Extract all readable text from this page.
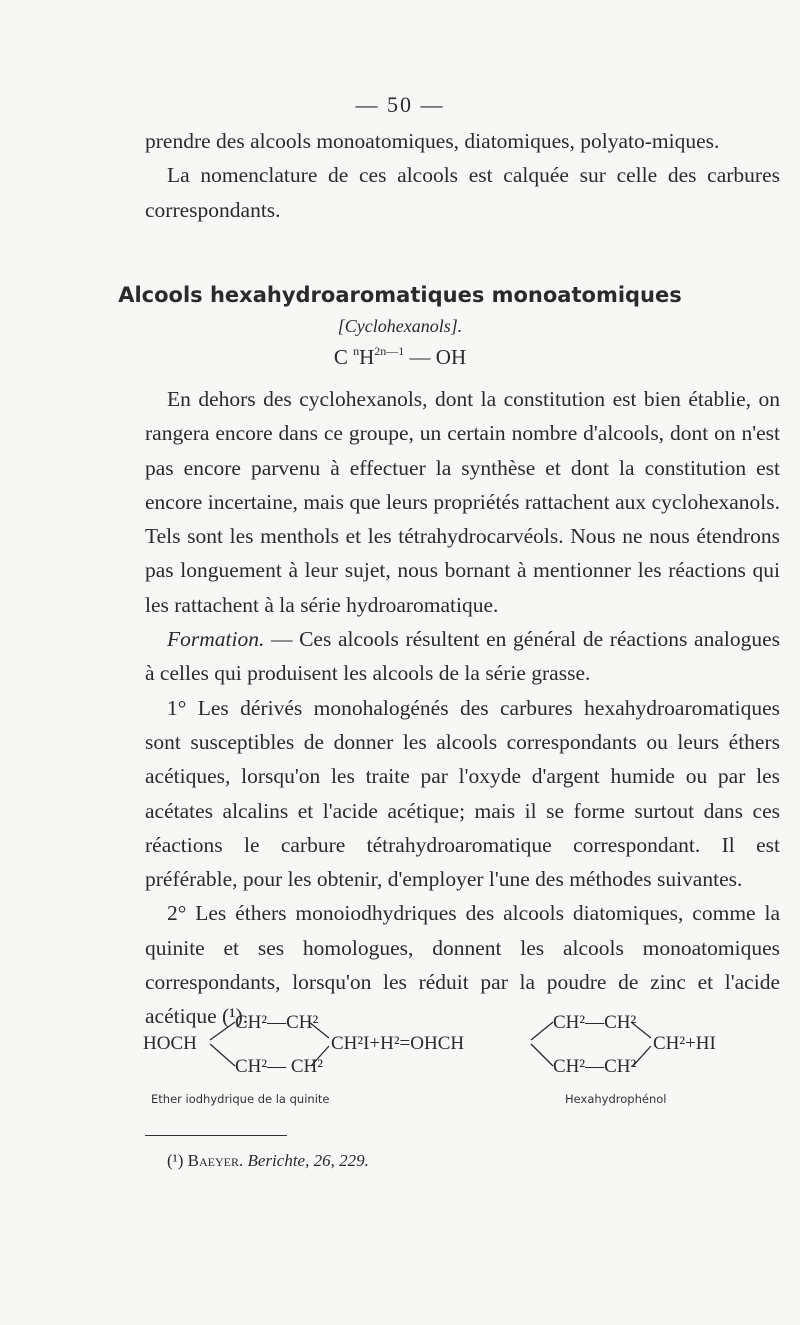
— 50 —

prendre des alcools monoatomiques, diatomiques, polyato-miques.

La nomenclature de ces alcools est calquée sur celle des carbures correspondants.

Alcools hexahydroaromatiques monoatomiques
[Cyclohexanols].
C $^nH^{2n—1}$ — OH

En dehors des cyclohexanols, dont la constitution est bien établie, on rangera encore dans ce groupe, un certain nombre d'alcools, dont on n'est pas encore parvenu à effectuer la synthèse et dont la constitution est encore incertaine, mais que leurs propriétés rattachent aux cyclohexanols. Tels sont les menthols et les tétrahydrocarvéols. Nous ne nous étendrons pas longuement à leur sujet, nous bornant à mentionner les réactions qui les rattachent à la série hydroaromatique.

Formation. — Ces alcools résultent en général de réactions analogues à celles qui produisent les alcools de la série grasse.

1° Les dérivés monohalogénés des carbures hexahydroaromatiques sont susceptibles de donner les alcools correspondants ou leurs éthers acétiques, lorsqu'on les traite par l'oxyde d'argent humide ou par les acétates alcalins et l'acide acétique; mais il se forme surtout dans ces réactions le carbure tétrahydroaromatique correspondant. Il est préférable, pour les obtenir, d'employer l'une des méthodes suivantes.

2° Les éthers monoiodhydriques des alcools diatomiques, comme la quinite et ses homologues, donnent les alcools monoatomiques correspondants, lorsqu'on les réduit par la poudre de zinc et l'acide acétique (¹).

HOCH
CH²—CH²
CH²— CH²
CH²I+H²=OHCH
CH²—CH²
CH²—CH²
CH²+HI
Ether iodhydrique de la quinite	Hexahydrophénol
(¹) Baeyer. Berichte, 26, 229.
